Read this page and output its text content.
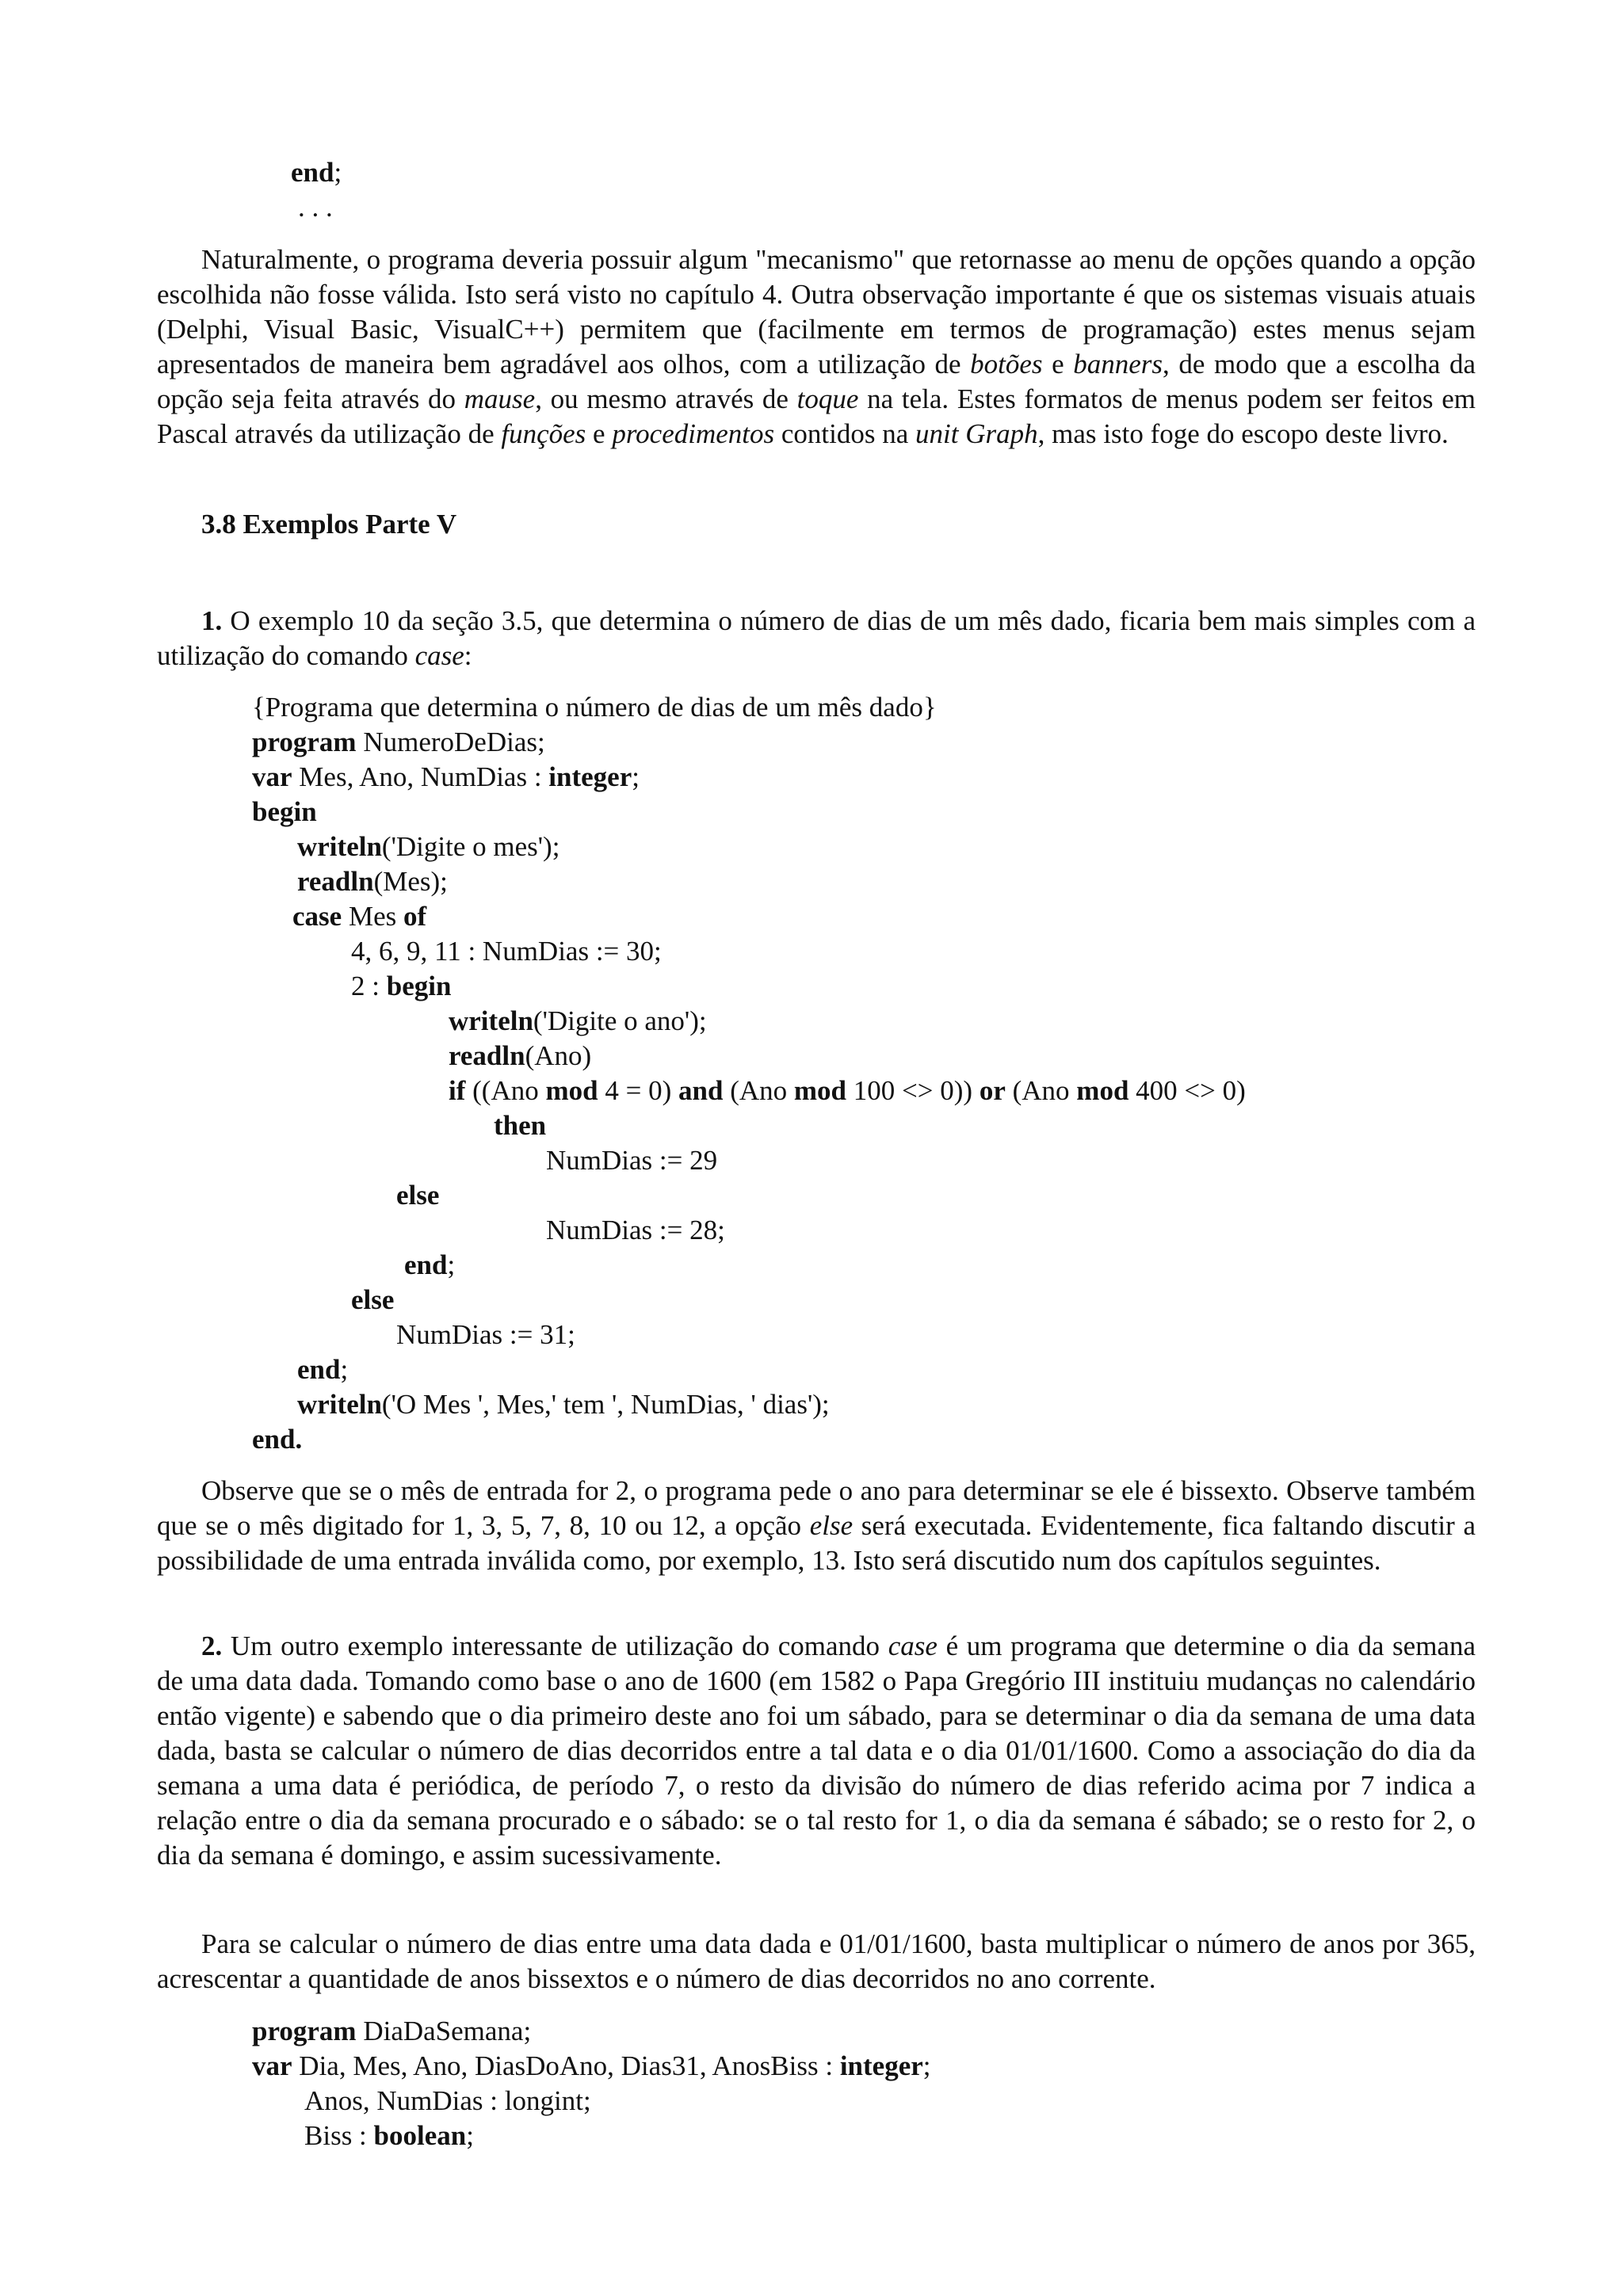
end;
. . .

Naturalmente, o programa deveria possuir algum "mecanismo" que retornasse ao menu de opções quando a opção escolhida não fosse válida. Isto será visto no capítulo 4. Outra observação importante é que os sistemas visuais atuais (Delphi, Visual Basic, VisualC++) permitem que (facilmente em termos de programação) estes menus sejam apresentados de maneira bem agradável aos olhos, com a utilização de botões e banners, de modo que a escolha da opção seja feita através do mause, ou mesmo através de toque na tela. Estes formatos de menus podem ser feitos em Pascal através da utilização de funções e procedimentos contidos na unit Graph, mas isto foge do escopo deste livro.

3.8 Exemplos Parte V

1. O exemplo 10 da seção 3.5, que determina o número de dias de um mês dado, ficaria bem mais simples com a utilização do comando case:

{Programa que determina o número de dias de um mês dado}
program NumeroDeDias;
var Mes, Ano, NumDias : integer;
begin
writeln('Digite o mes');
readln(Mes);
case Mes of
4, 6, 9, 11 : NumDias := 30;
2 : begin
writeln('Digite o ano');
readln(Ano)
if ((Ano mod 4 = 0) and (Ano mod 100 <> 0)) or (Ano mod 400 <> 0)
then
NumDias := 29
else
NumDias := 28;
end;
else
NumDias := 31;
end;
writeln('O Mes ', Mes,' tem ', NumDias, ' dias');
end.

Observe que se o mês de entrada for 2, o programa pede o ano para determinar se ele é bissexto. Observe também que se o mês digitado for 1, 3, 5, 7, 8, 10 ou 12, a opção else será executada. Evidentemente, fica faltando discutir a possibilidade de uma entrada inválida como, por exemplo, 13. Isto será discutido num dos capítulos seguintes.

2. Um outro exemplo interessante de utilização do comando case é um programa que determine o dia da semana de uma data dada. Tomando como base o ano de 1600 (em 1582 o Papa Gregório III instituiu mudanças no calendário então vigente) e sabendo que o dia primeiro deste ano foi um sábado, para se determinar o dia da semana de uma data dada, basta se calcular o número de dias decorridos entre a tal data e o dia 01/01/1600. Como a associação do dia da semana a uma data é periódica, de período 7, o resto da divisão do número de dias referido acima por 7 indica a relação entre o dia da semana procurado e o sábado: se o tal resto for 1, o dia da semana é sábado; se o resto for 2, o dia da semana é domingo, e assim sucessivamente.

Para se calcular o número de dias entre uma data dada e 01/01/1600, basta multiplicar o número de anos por 365, acrescentar a quantidade de anos bissextos e o número de dias decorridos no ano corrente.

program DiaDaSemana;
var Dia, Mes, Ano, DiasDoAno, Dias31, AnosBiss : integer;
Anos, NumDias : longint;
Biss : boolean;
